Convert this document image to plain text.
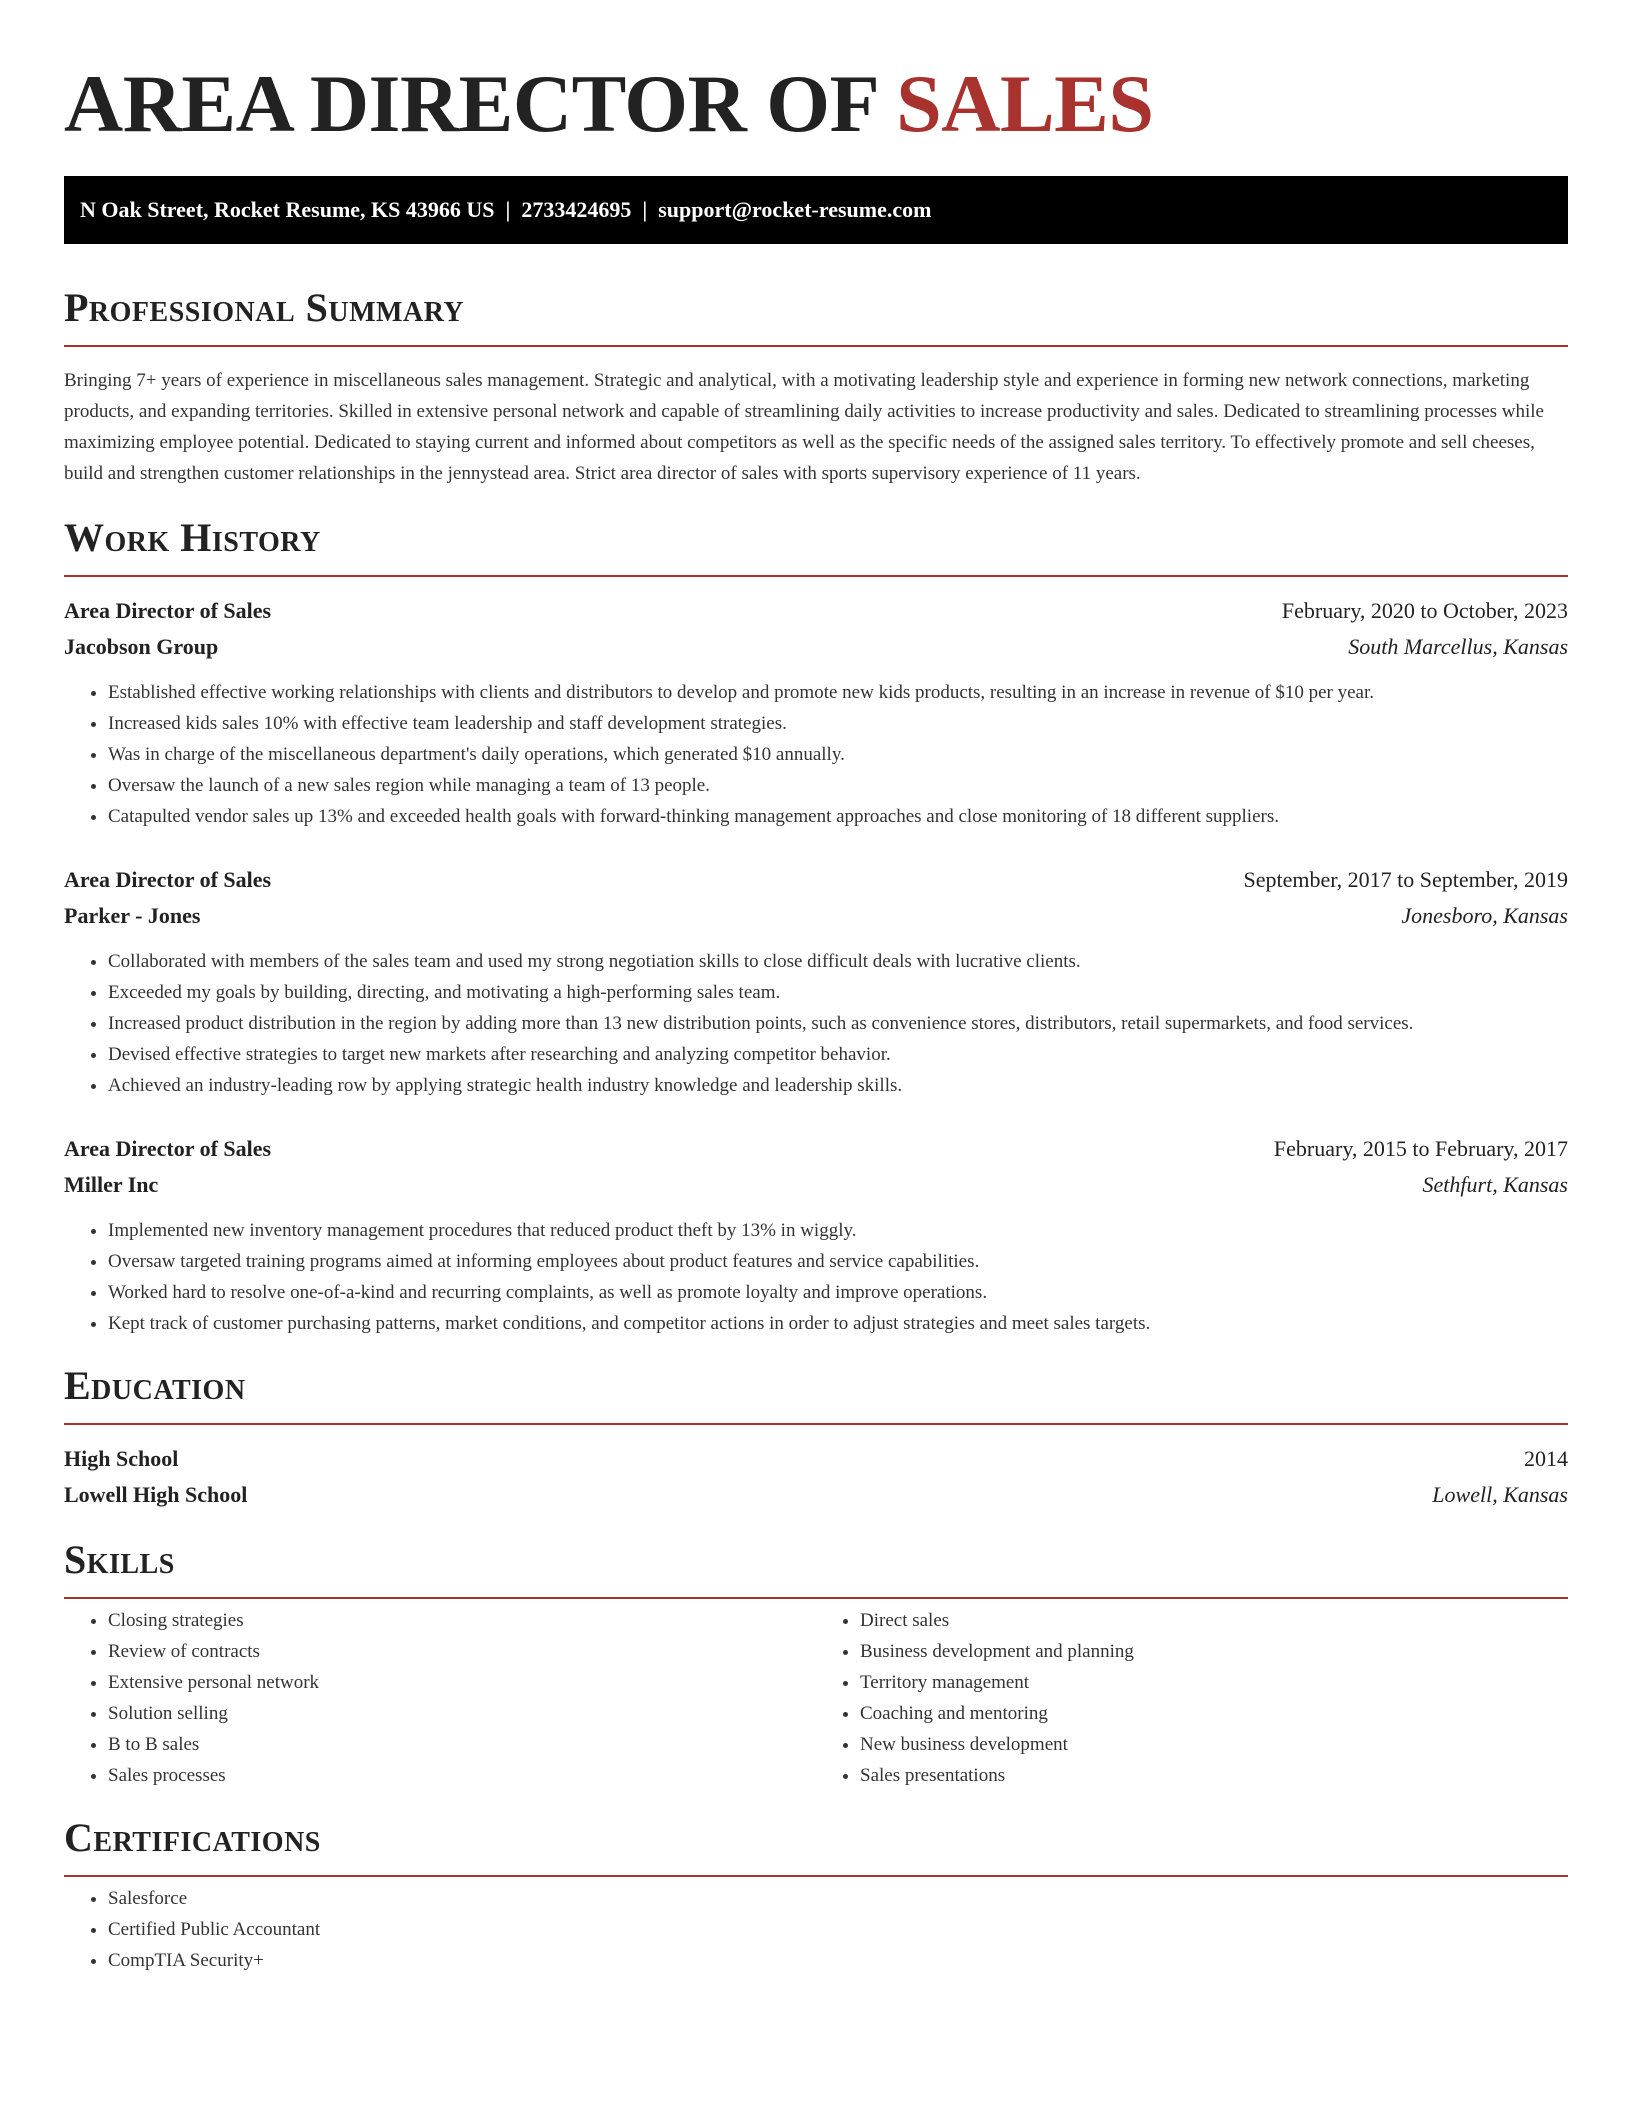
AREA DIRECTOR OF SALES
N Oak Street, Rocket Resume, KS 43966 US | 2733424695 | support@rocket-resume.com
Professional Summary

Bringing 7+ years of experience in miscellaneous sales management. Strategic and analytical, with a motivating leadership style and experience in forming new network connections, marketing products, and expanding territories. Skilled in extensive personal network and capable of streamlining daily activities to increase productivity and sales. Dedicated to streamlining processes while maximizing employee potential. Dedicated to staying current and informed about competitors as well as the specific needs of the assigned sales territory. To effectively promote and sell cheeses, build and strengthen customer relationships in the jennystead area. Strict area director of sales with sports supervisory experience of 11 years.

Work History
Area Director of Sales	February, 2020 to October, 2023
Jacobson Group	South Marcellus, Kansas
• Established effective working relationships with clients and distributors to develop and promote new kids products, resulting in an increase in revenue of $10 per year.
• Increased kids sales 10% with effective team leadership and staff development strategies.
• Was in charge of the miscellaneous department's daily operations, which generated $10 annually.
• Oversaw the launch of a new sales region while managing a team of 13 people.
• Catapulted vendor sales up 13% and exceeded health goals with forward-thinking management approaches and close monitoring of 18 different suppliers.
Area Director of Sales	September, 2017 to September, 2019
Parker - Jones	Jonesboro, Kansas
• Collaborated with members of the sales team and used my strong negotiation skills to close difficult deals with lucrative clients.
• Exceeded my goals by building, directing, and motivating a high-performing sales team.
• Increased product distribution in the region by adding more than 13 new distribution points, such as convenience stores, distributors, retail supermarkets, and food services.
• Devised effective strategies to target new markets after researching and analyzing competitor behavior.
• Achieved an industry-leading row by applying strategic health industry knowledge and leadership skills.
Area Director of Sales	February, 2015 to February, 2017
Miller Inc	Sethfurt, Kansas
• Implemented new inventory management procedures that reduced product theft by 13% in wiggly.
• Oversaw targeted training programs aimed at informing employees about product features and service capabilities.
• Worked hard to resolve one-of-a-kind and recurring complaints, as well as promote loyalty and improve operations.
• Kept track of customer purchasing patterns, market conditions, and competitor actions in order to adjust strategies and meet sales targets.
Education
High School	2014
Lowell High School	Lowell, Kansas
Skills
• Closing strategies
• Review of contracts
• Extensive personal network
• Solution selling
• B to B sales
• Sales processes
• Direct sales
• Business development and planning
• Territory management
• Coaching and mentoring
• New business development
• Sales presentations
Certifications
• Salesforce
• Certified Public Accountant
• CompTIA Security+
